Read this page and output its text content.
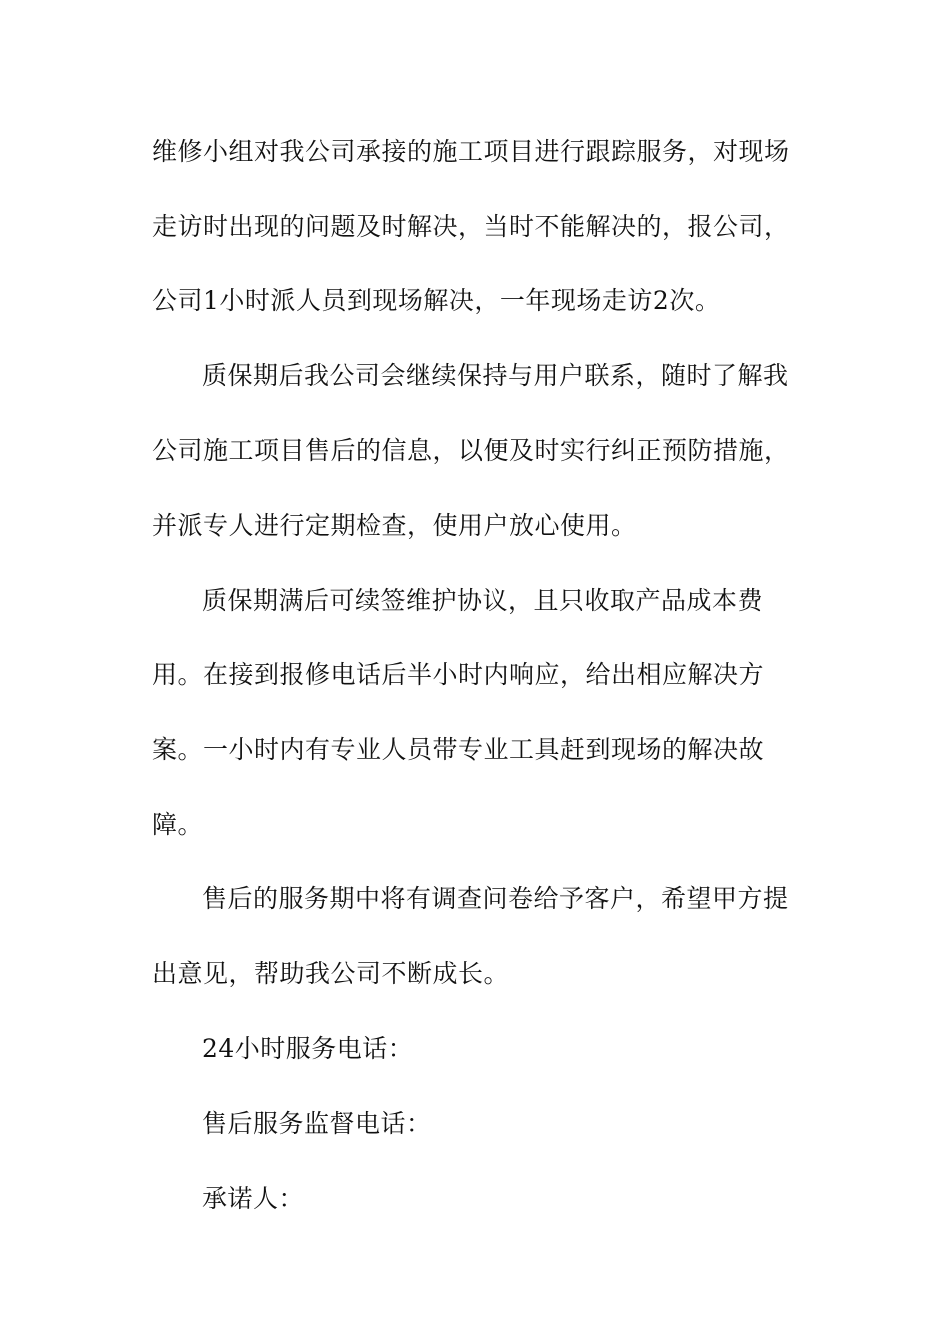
维修小组对我公司承接的施工项目进行跟踪服务，对现场
走访时出现的问题及时解决，当时不能解决的，报公司，
公司1小时派人员到现场解决，一年现场走访2次。
质保期后我公司会继续保持与用户联系，随时了解我
公司施工项目售后的信息，以便及时实行纠正预防措施，
并派专人进行定期检查，使用户放心使用。
质保期满后可续签维护协议，且只收取产品成本费
用。在接到报修电话后半小时内响应，给出相应解决方
案。一小时内有专业人员带专业工具赶到现场的解决故
障。
售后的服务期中将有调查问卷给予客户，希望甲方提
出意见，帮助我公司不断成长。
24小时服务电话：
售后服务监督电话：
承诺人：
